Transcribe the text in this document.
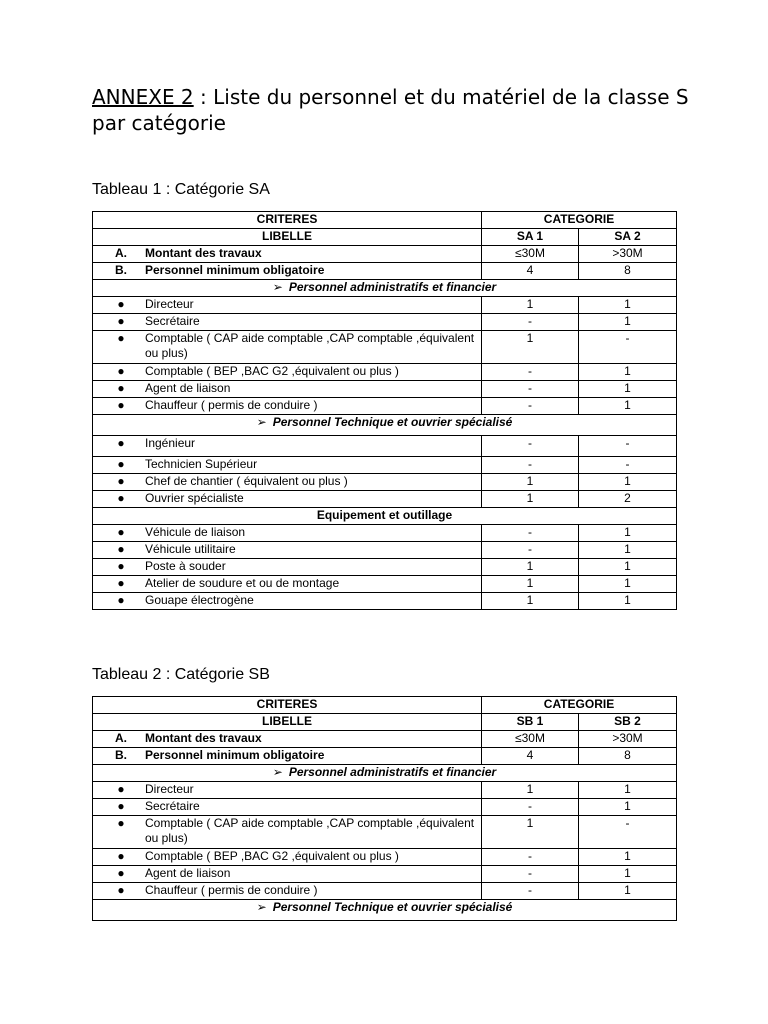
ANNEXE 2 : Liste du personnel et du matériel de la classe S par catégorie
Tableau 1 : Catégorie SA
CRITERES	CATEGORIE	
LIBELLE	SA 1	SA 2
A. Montant des travaux	≤30M	>30M
B. Personnel minimum obligatoire	4	8
➢ Personnel administratifs et financier		

● Directeur	1	1

● Secrétaire	-	1

● Comptable ( CAP aide comptable ,CAP comptable ,équivalent ou plus)	1	-

● Comptable ( BEP ,BAC G2 ,équivalent ou plus )	-	1

● Agent de liaison	-	1

● Chauffeur ( permis de conduire )	-	1
➢ Personnel Technique et ouvrier spécialisé		

● Ingénieur	-	-

● Technicien Supérieur	-	-

● Chef de chantier ( équivalent ou plus )	1	1

● Ouvrier spécialiste	1	2
Equipement et outillage		

● Véhicule de liaison	-	1

● Véhicule utilitaire	-	1

● Poste à souder	1	1

● Atelier de soudure et ou de montage	1	1

● Gouape électrogène	1	1
Tableau 2 : Catégorie SB
CRITERES	CATEGORIE	
LIBELLE	SB 1	SB 2
A. Montant des travaux	≤30M	>30M
B. Personnel minimum obligatoire	4	8
➢ Personnel administratifs et financier		

● Directeur	1	1

● Secrétaire	-	1

● Comptable ( CAP aide comptable ,CAP comptable ,équivalent ou plus)	1	-

● Comptable ( BEP ,BAC G2 ,équivalent ou plus )	-	1

● Agent de liaison	-	1

● Chauffeur ( permis de conduire )	-	1
➢ Personnel Technique et ouvrier spécialisé		
